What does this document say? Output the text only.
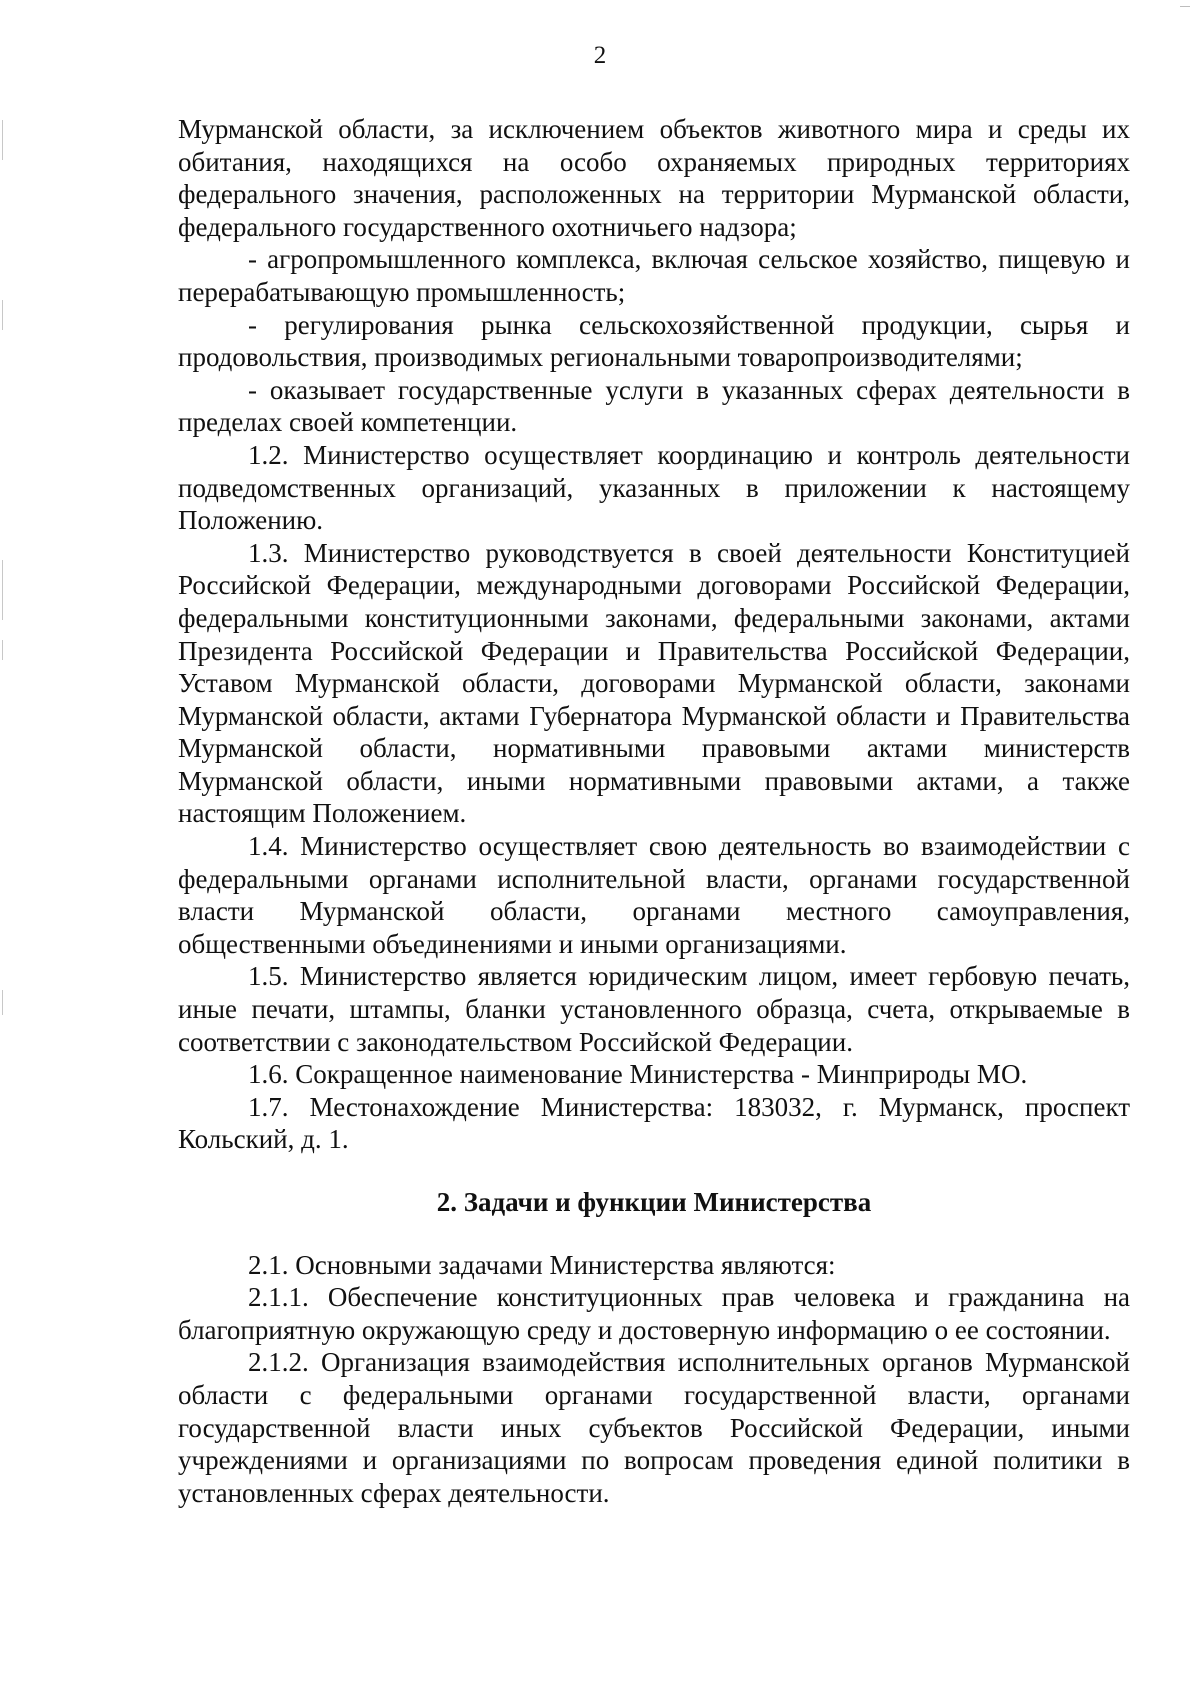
2

Мурманской области, за исключением объектов животного мира и среды их обитания, находящихся на особо охраняемых природных территориях федерального значения, расположенных на территории Мурманской области, федерального государственного охотничьего надзора;

- агропромышленного комплекса, включая сельское хозяйство, пищевую и перерабатывающую промышленность;

- регулирования рынка сельскохозяйственной продукции, сырья и продовольствия, производимых региональными товаропроизводителями;

- оказывает государственные услуги в указанных сферах деятельности в пределах своей компетенции.

1.2. Министерство осуществляет координацию и контроль деятельности подведомственных организаций, указанных в приложении к настоящему Положению.

1.3. Министерство руководствуется в своей деятельности Конституцией Российской Федерации, международными договорами Российской Федерации, федеральными конституционными законами, федеральными законами, актами Президента Российской Федерации и Правительства Российской Федерации, Уставом Мурманской области, договорами Мурманской области, законами Мурманской области, актами Губернатора Мурманской области и Правительства Мурманской области, нормативными правовыми актами министерств Мурманской области, иными нормативными правовыми актами, а также настоящим Положением.

1.4. Министерство осуществляет свою деятельность во взаимодействии с федеральными органами исполнительной власти, органами государственной власти Мурманской области, органами местного самоуправления, общественными объединениями и иными организациями.

1.5. Министерство является юридическим лицом, имеет гербовую печать, иные печати, штампы, бланки установленного образца, счета, открываемые в соответствии с законодательством Российской Федерации.

1.6. Сокращенное наименование Министерства - Минприроды МО.

1.7. Местонахождение Министерства: 183032, г. Мурманск, проспект Кольский, д. 1.

2. Задачи и функции Министерства

2.1. Основными задачами Министерства являются:

2.1.1. Обеспечение конституционных прав человека и гражданина на благоприятную окружающую среду и достоверную информацию о ее состоянии.

2.1.2. Организация взаимодействия исполнительных органов Мурманской области с федеральными органами государственной власти, органами государственной власти иных субъектов Российской Федерации, иными учреждениями и организациями по вопросам проведения единой политики в установленных сферах деятельности.
